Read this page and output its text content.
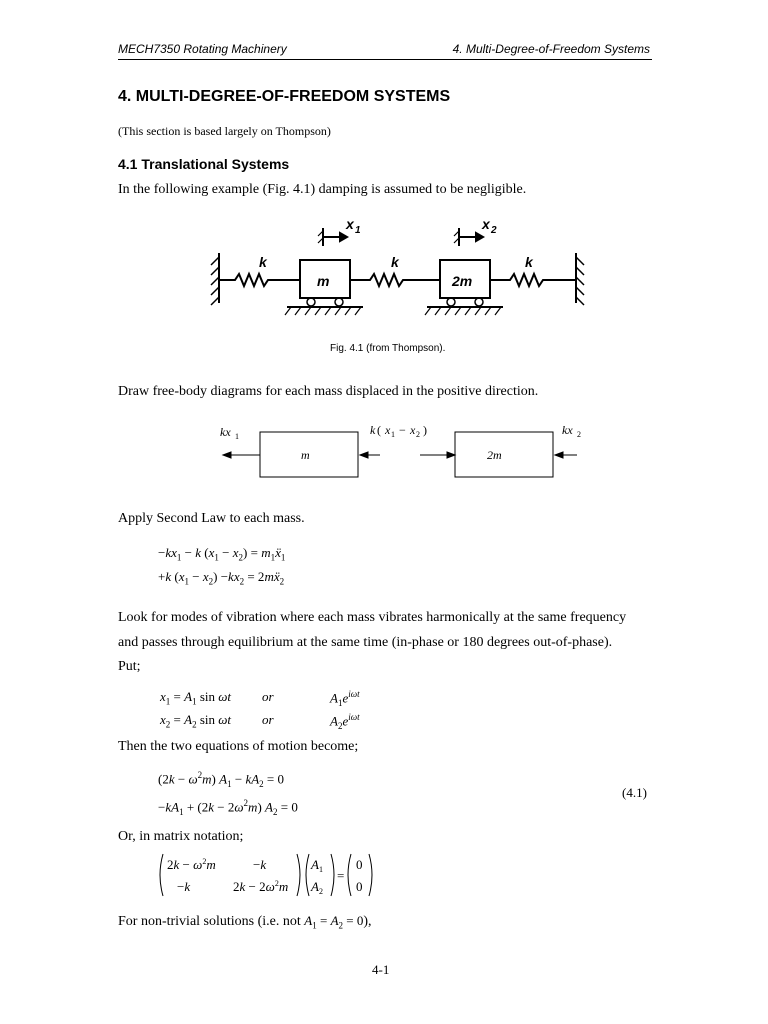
MECH7350 Rotating Machinery	4. Multi-Degree-of-Freedom Systems
4. MULTI-DEGREE-OF-FREEDOM SYSTEMS
(This section is based largely on Thompson)
4.1 Translational Systems
In the following example (Fig. 4.1) damping is assumed to be negligible.
k	k	k
m	2m
x 1	x 2
Fig. 4.1 (from Thompson).
Draw free-body diagrams for each mass displaced in the positive direction.
m	2m
kx 1	k ( x 1 − x 2 )	kx 2
Apply Second Law to each mass.
$-kx_1 - k$ $(x_1 - x_2)$ = $m_1ẍ_1$
+k $(x_1 - x_2) -kx_2$ = 2mẍ$_2$
Look for modes of vibration where each mass vibrates harmonically at the same frequency
and passes through equilibrium at the same time (in-phase or 180 degrees out-of-phase).
Put;
$x_1 = A_1$ sin ωt or	$A_1e^{i\omega t}$
$x_2 = A_2$ sin ωt or	$A_2e^{i\omega t}$
Then the two equations of motion become;
$(2k - \omega^2m)$ $A_1 - kA_2 = 0$
$-kA_1 + (2k - 2\omega^2m) A_2 = 0$
(4.1)
Or, in matrix notation;
$2k - \omega^2m$	−k
−k	$2k - 2\omega^2m$
$A_1$
$A_2$
=
0
0
For non-trivial solutions (i.e. not $A_1 = A_2 = 0$),
4-1
